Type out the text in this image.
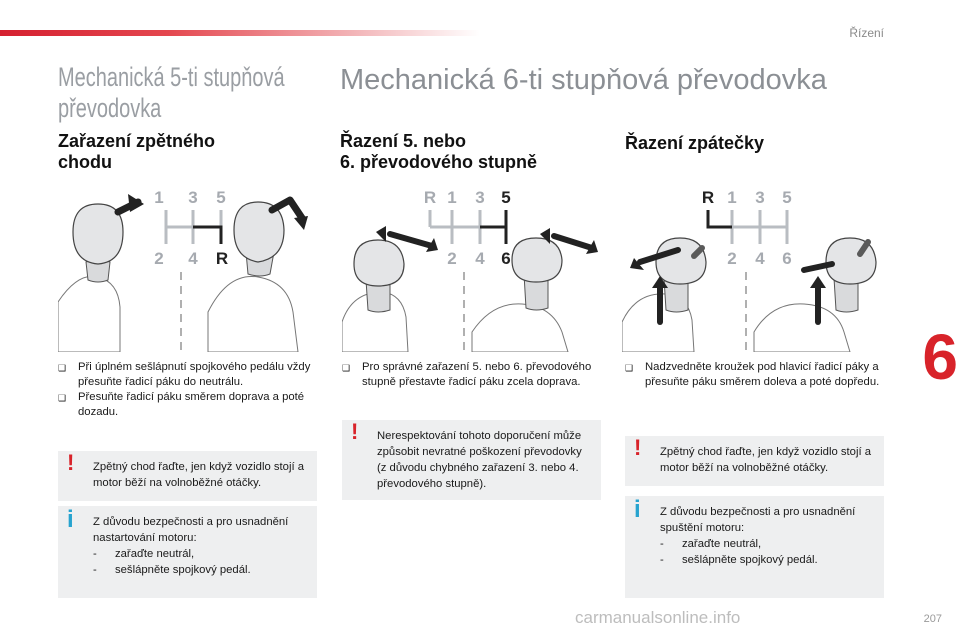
Řízení
6
207
carmanualsonline.info
Mechanická 5-ti stupňová
převodovka
Mechanická 6-ti stupňová převodovka
Zařazení zpětného
chodu
Řazení 5. nebo
6. převodového stupně
Řazení zpátečky
1 3 5
2 4 R
R 1 3 5
2 4 6
R 1 3 5
2 4 6
❑	Při úplném sešlápnutí spojkového pedálu vždy přesuňte řadicí páku do neutrálu.
❑	Přesuňte řadicí páku směrem doprava a poté dozadu.
! Zpětný chod řaďte, jen když vozidlo stojí a motor běží na volnoběžné otáčky.
i Z důvodu bezpečnosti a pro usnadnění nastartování motoru:
-	zařaďte neutrál,
-	sešlápněte spojkový pedál.
❑	Pro správné zařazení 5. nebo 6. převodového stupně přestavte řadicí páku zcela doprava.
! Nerespektování tohoto doporučení může způsobit nevratné poškození převodovky (z důvodu chybného zařazení 3. nebo 4. převodového stupně).
❑	Nadzvedněte kroužek pod hlavicí řadicí páky a přesuňte páku směrem doleva a poté dopředu.
! Zpětný chod řaďte, jen když vozidlo stojí a motor běží na volnoběžné otáčky.
i Z důvodu bezpečnosti a pro usnadnění spuštění motoru:
-	zařaďte neutrál,
-	sešlápněte spojkový pedál.
